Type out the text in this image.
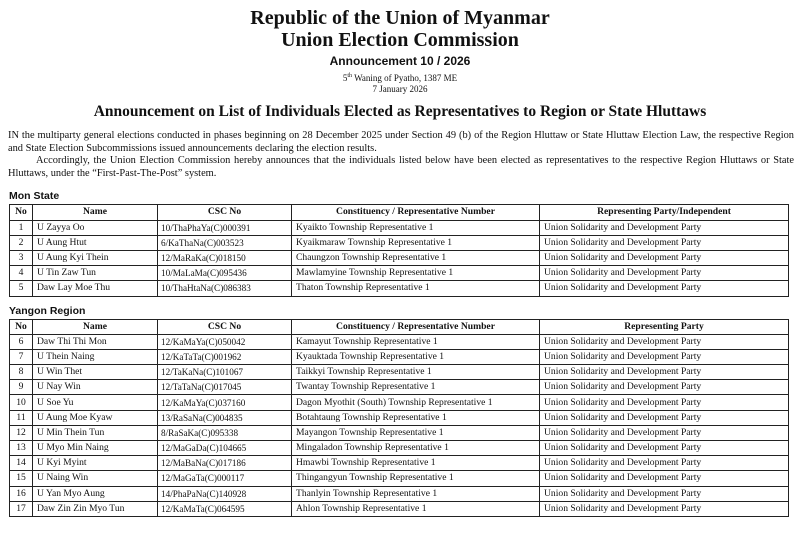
Republic of the Union of Myanmar
Union Election Commission
Announcement 10 / 2026
5th Waning of Pyatho, 1387 ME
7 January 2026
Announcement on List of Individuals Elected as Representatives to Region or State Hluttaws

IN the multiparty general elections conducted in phases beginning on 28 December 2025 under Section 49 (b) of the Region Hluttaw or State Hluttaw Election Law, the respective Region and State Election Subcommissions issued announcements declaring the election results.

Accordingly, the Union Election Commission hereby announces that the individuals listed below have been elected as representatives to the respective Region Hluttaws or State Hluttaws, under the “First-Past-The-Post” system.

Mon State
No	Name	CSC No	Constituency / Representative Number	Representing Party/Independent
1	U Zayya Oo	10/ThaPhaYa(C)000391	Kyaikto Township Representative 1	Union Solidarity and Development Party
2	U Aung Htut	6/KaThaNa(C)003523	Kyaikmaraw Township Representative 1	Union Solidarity and Development Party
3	U Aung Kyi Thein	12/MaRaKa(C)018150	Chaungzon Township Representative 1	Union Solidarity and Development Party
4	U Tin Zaw Tun	10/MaLaMa(C)095436	Mawlamyine Township Representative 1	Union Solidarity and Development Party
5	Daw Lay Moe Thu	10/ThaHtaNa(C)086383	Thaton Township Representative 1	Union Solidarity and Development Party
Yangon Region
No	Name	CSC No	Constituency / Representative Number	Representing Party
6	Daw Thi Thi Mon	12/KaMaYa(C)050042	Kamayut Township Representative 1	Union Solidarity and Development Party
7	U Thein Naing	12/KaTaTa(C)001962	Kyauktada Township Representative 1	Union Solidarity and Development Party
8	U Win Thet	12/TaKaNa(C)101067	Taikkyi Township Representative 1	Union Solidarity and Development Party
9	U Nay Win	12/TaTaNa(C)017045	Twantay Township Representative 1	Union Solidarity and Development Party
10	U Soe Yu	12/KaMaYa(C)037160	Dagon Myothit (South) Township Representative 1	Union Solidarity and Development Party
11	U Aung Moe Kyaw	13/RaSaNa(C)004835	Botahtaung Township Representative 1	Union Solidarity and Development Party
12	U Min Thein Tun	8/RaSaKa(C)095338	Mayangon Township Representative 1	Union Solidarity and Development Party
13	U Myo Min Naing	12/MaGaDa(C)104665	Mingaladon Township Representative 1	Union Solidarity and Development Party
14	U Kyi Myint	12/MaBaNa(C)017186	Hmawbi Township Representative 1	Union Solidarity and Development Party
15	U Naing Win	12/MaGaTa(C)000117	Thingangyun Township Representative 1	Union Solidarity and Development Party
16	U Yan Myo Aung	14/PhaPaNa(C)140928	Thanlyin Township Representative 1	Union Solidarity and Development Party
17	Daw Zin Zin Myo Tun	12/KaMaTa(C)064595	Ahlon Township Representative 1	Union Solidarity and Development Party
